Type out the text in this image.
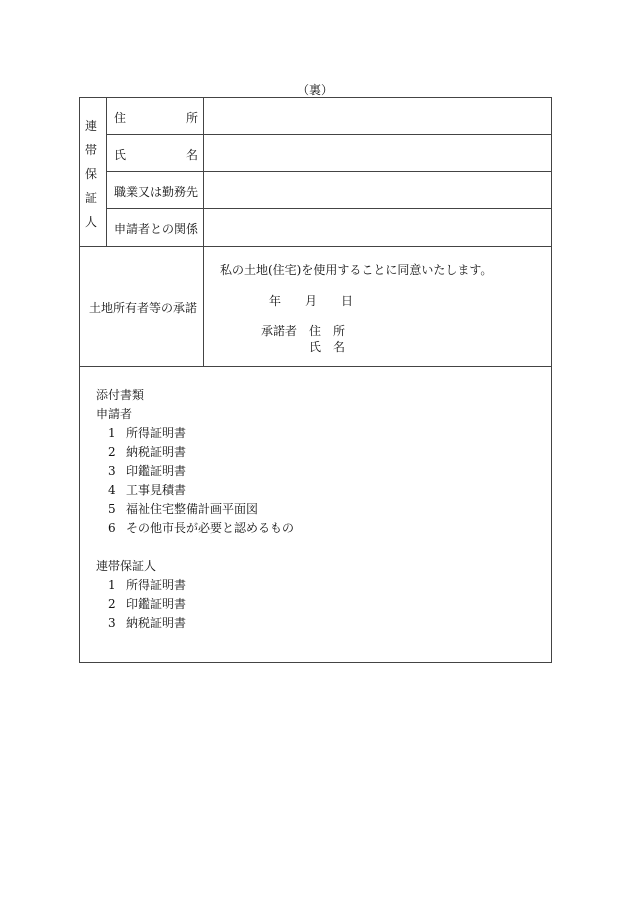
（裏）
連
帯
保
証
人
住	所
氏	名
職業又は勤務先
申請者との関係
土地所有者等の承諾
私の土地(住宅)を使用することに同意いたします。
年 月 日
承諾者 住 所
氏 名
添付書類
申請者
1 所得証明書
2 納税証明書
3 印鑑証明書
4 工事見積書
5 福祉住宅整備計画平面図
6 その他市長が必要と認めるもの
連帯保証人
1 所得証明書
2 印鑑証明書
3 納税証明書
